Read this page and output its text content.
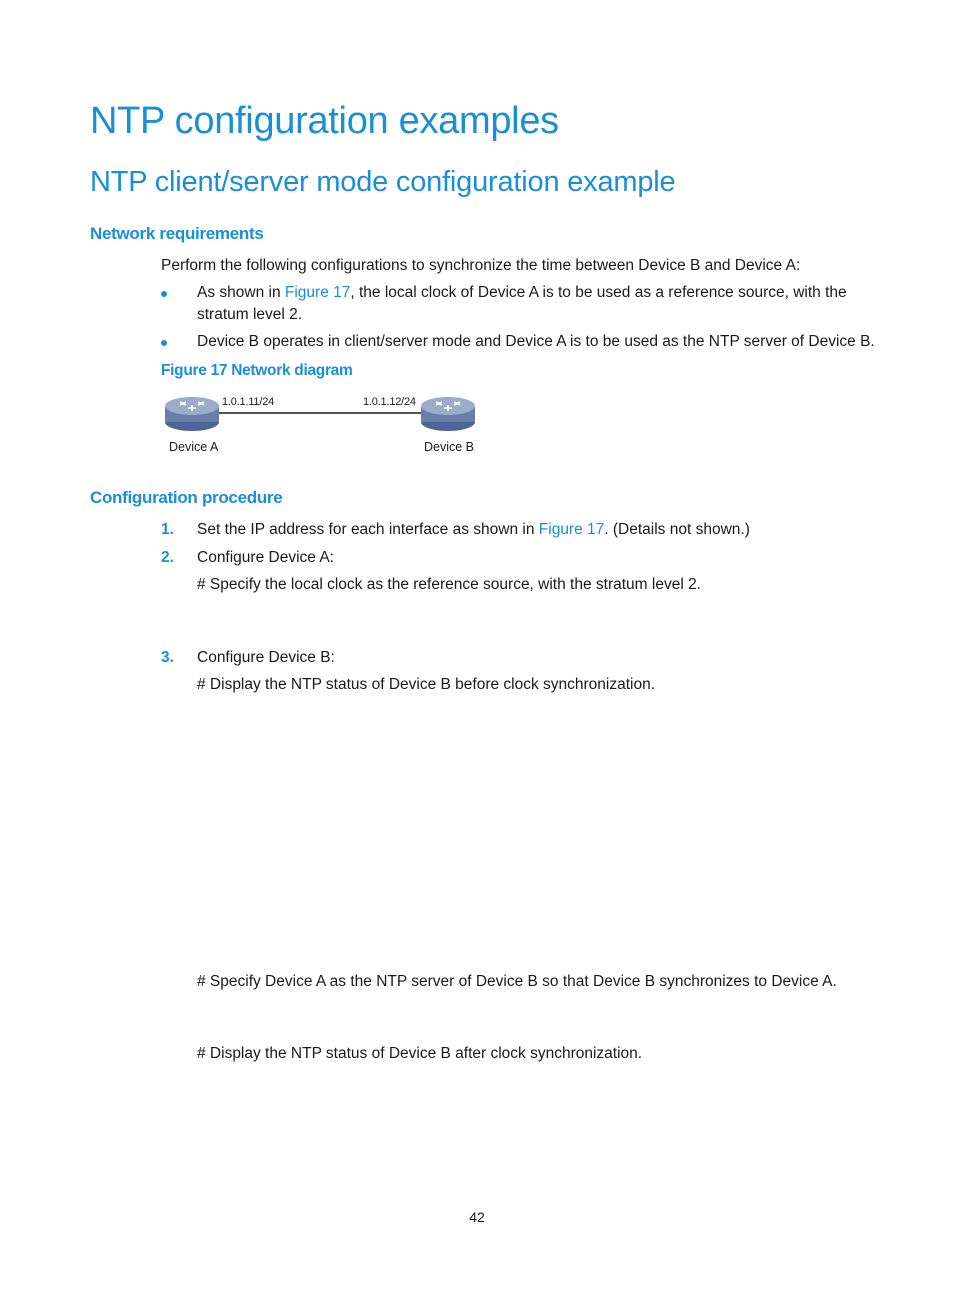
NTP configuration examples
NTP client/server mode configuration example
Network requirements
Perform the following configurations to synchronize the time between Device B and Device A:
As shown in Figure 17, the local clock of Device A is to be used as a reference source, with the
stratum level 2.
Device B operates in client/server mode and Device A is to be used as the NTP server of Device B.
Figure 17 Network diagram
1.0.1.11/24	1.0.1.12/24
Device A	Device B
Configuration procedure
1. Set the IP address for each interface as shown in Figure 17. (Details not shown.)
2. Configure Device A:
# Specify the local clock as the reference source, with the stratum level 2.
3. Configure Device B:
# Display the NTP status of Device B before clock synchronization.
# Specify Device A as the NTP server of Device B so that Device B synchronizes to Device A.
# Display the NTP status of Device B after clock synchronization.
42
